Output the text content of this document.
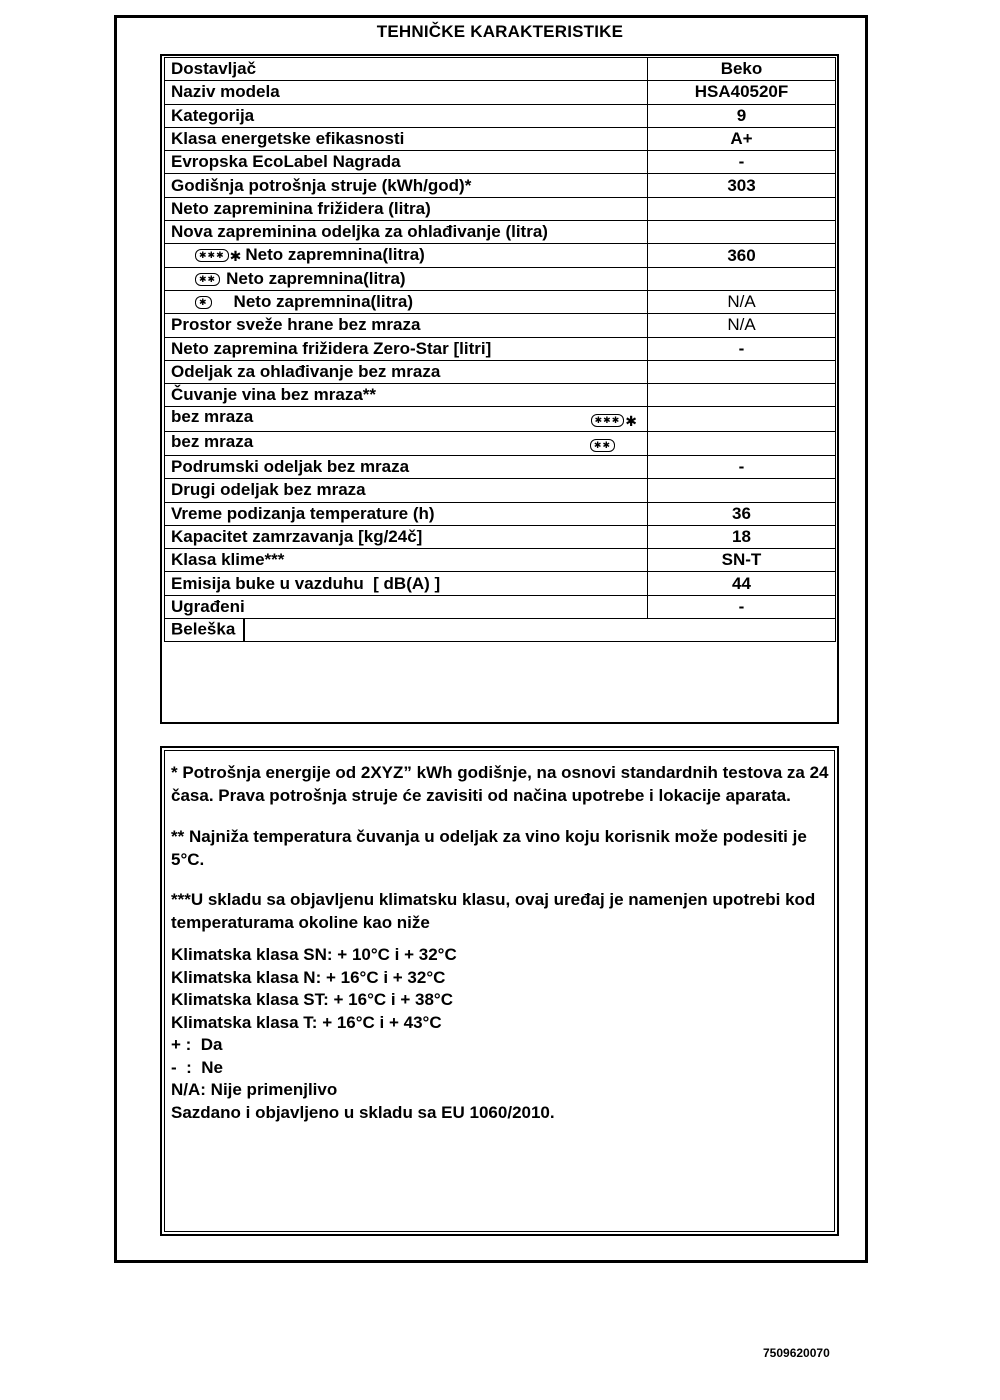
TEHNIČKE KARAKTERISTIKE
Dostavljač	Beko
Naziv modela	HSA40520F
Kategorija	9
Klasa energetske efikasnosti	A+
Evropska EcoLabel Nagrada	-
Godišnja potrošnja struje (kWh/god)*	303
Neto zapreminina frižidera (litra)	
Nova zapreminina odeljka za ohlađivanje (litra)	
✱✱✱ ✱ Neto zapremnina(litra)	360
✱✱ Neto zapremnina(litra)	
✱ Neto zapremnina(litra)	N/A
Prostor sveže hrane bez mraza	N/A
Neto zapremina frižidera Zero-Star [litri]	-
Odeljak za ohlađivanje bez mraza	
Čuvanje vina bez mraza**	
bez mraza ✱✱✱ ✱	

bez mraza ✱✱	

Podrumski odeljak bez mraza	-
Drugi odeljak bez mraza	
Vreme podizanja temperature (h)	36
Kapacitet zamrzavanja [kg/24č]	18
Klasa klime***	SN-T
Emisija buke u vazduhu  [ dB(A) ]	44
Ugrađeni	-
Beleška	

* Potrošnja energije od 2XYZ” kWh godišnje, na osnovi standardnih testova za 24 časa. Prava potrošnja struje će zavisiti od načina upotrebe i lokacije aparata.

** Najniža temperatura čuvanja u odeljak za vino koju korisnik može podesiti je 5°C.

***U skladu sa objavljenu klimatsku klasu, ovaj uređaj je namenjen upotrebi kod temperaturama okoline kao niže

Klimatska klasa SN: + 10°C i + 32°C

Klimatska klasa N: + 16°C i + 32°C

Klimatska klasa ST: + 16°C i + 38°C

Klimatska klasa T: + 16°C i + 43°C

+ :  Da

-  :  Ne

N/A: Nije primenjlivo

Sazdano i objavljeno u skladu sa EU 1060/2010.

7509620070
